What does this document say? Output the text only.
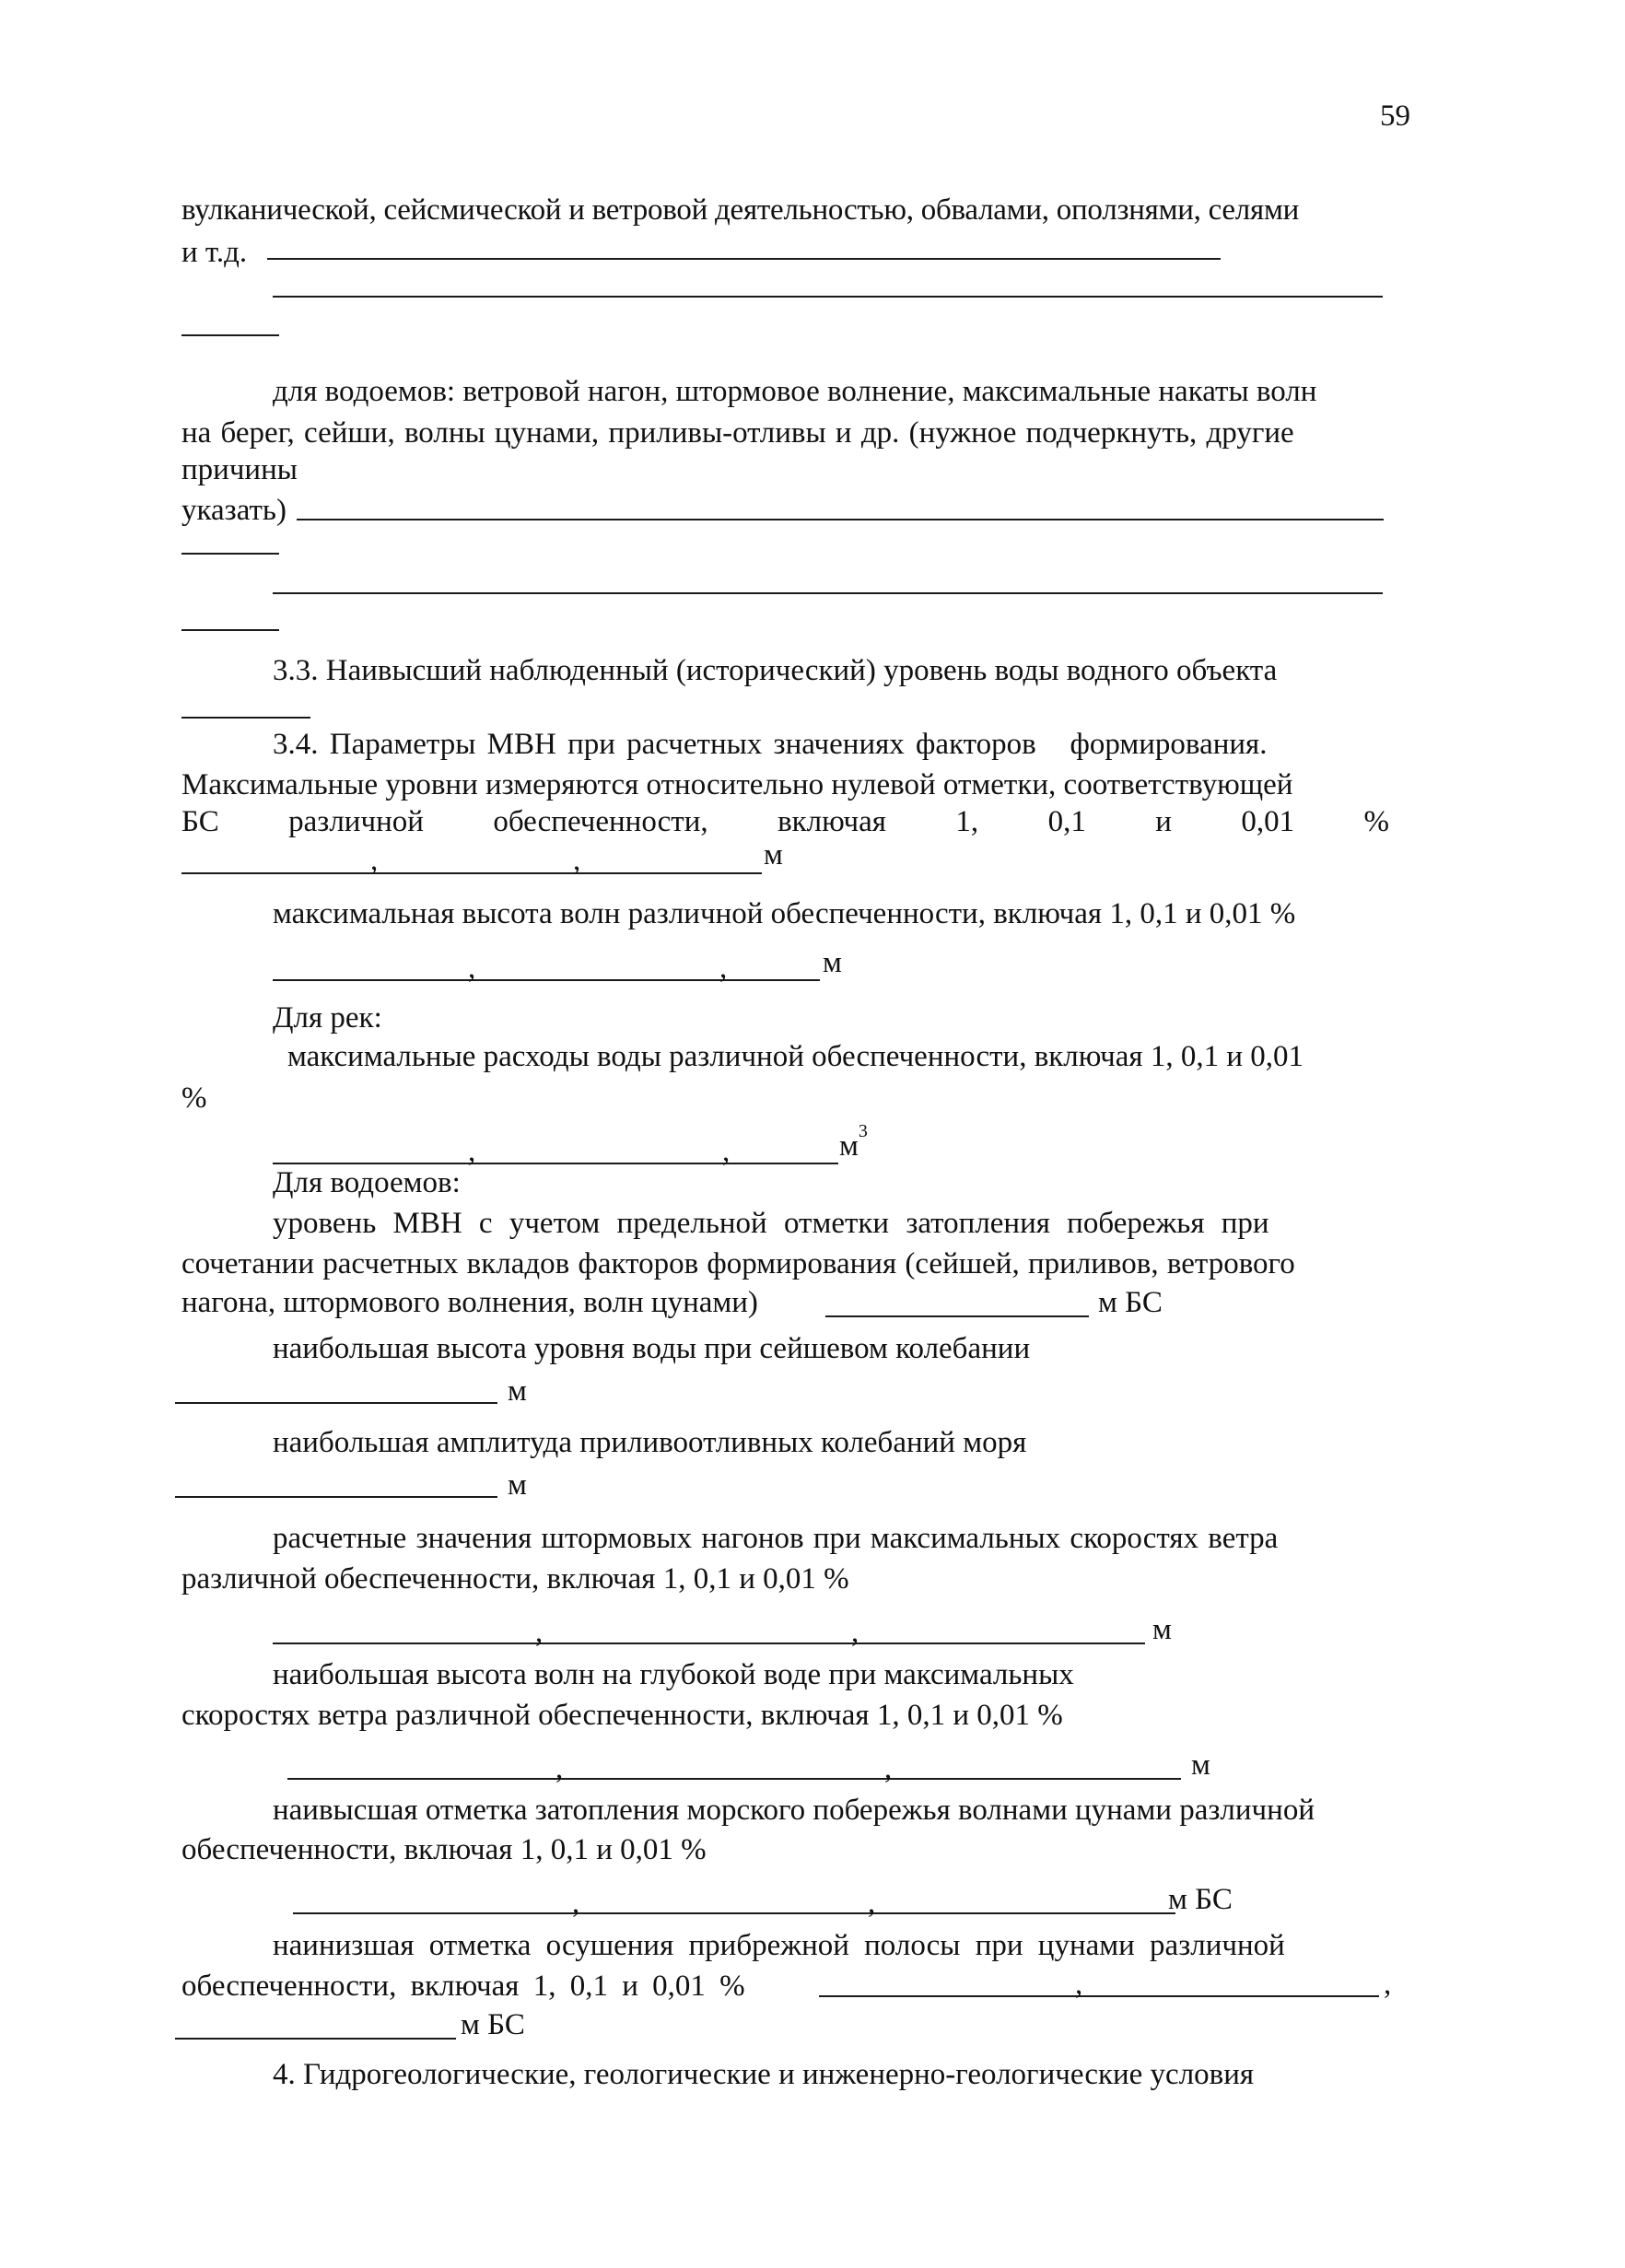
59
вулканической, сейсмической и ветровой деятельностью, обвалами, оползнями, селями
и т.д.
для водоемов: ветровой нагон, штормовое волнение, максимальные накаты волн
на берег, сейши, волны цунами, приливы-отливы и др. (нужное подчеркнуть, другие
причины
указать)
3.3. Наивысший наблюденный (исторический) уровень воды водного объекта
3.4. Параметры МВН при расчетных значениях факторов   формирования.
Максимальные уровни измеряются относительно нулевой отметки, соответствующей
БС различной обеспеченности, включая 1, 0,1 и 0,01 %
,	,	м
максимальная высота волн различной обеспеченности, включая 1, 0,1 и 0,01 %
,	,	м
Для рек:
максимальные расходы воды различной обеспеченности, включая 1, 0,1 и 0,01
%
,	,	$м^3$
Для водоемов:
уровень МВН с учетом предельной отметки затопления побережья при
сочетании расчетных вкладов факторов формирования (сейшей, приливов, ветрового
нагона, штормового волнения, волн цунами)	м БС
наибольшая высота уровня воды при сейшевом колебании
м
наибольшая амплитуда приливоотливных колебаний моря
м
расчетные значения штормовых нагонов при максимальных скоростях ветра
различной обеспеченности, включая 1, 0,1 и 0,01 %
,	,	м
наибольшая высота волн на глубокой воде при максимальных
скоростях ветра различной обеспеченности, включая 1, 0,1 и 0,01 %
,	,	м
наивысшая отметка затопления морского побережья волнами цунами различной
обеспеченности, включая 1, 0,1 и 0,01 %
,	,	м БС
наинизшая отметка осушения прибрежной полосы при цунами различной
обеспеченности, включая 1, 0,1 и 0,01 %	,	,
м БС
4. Гидрогеологические, геологические и инженерно-геологические условия
